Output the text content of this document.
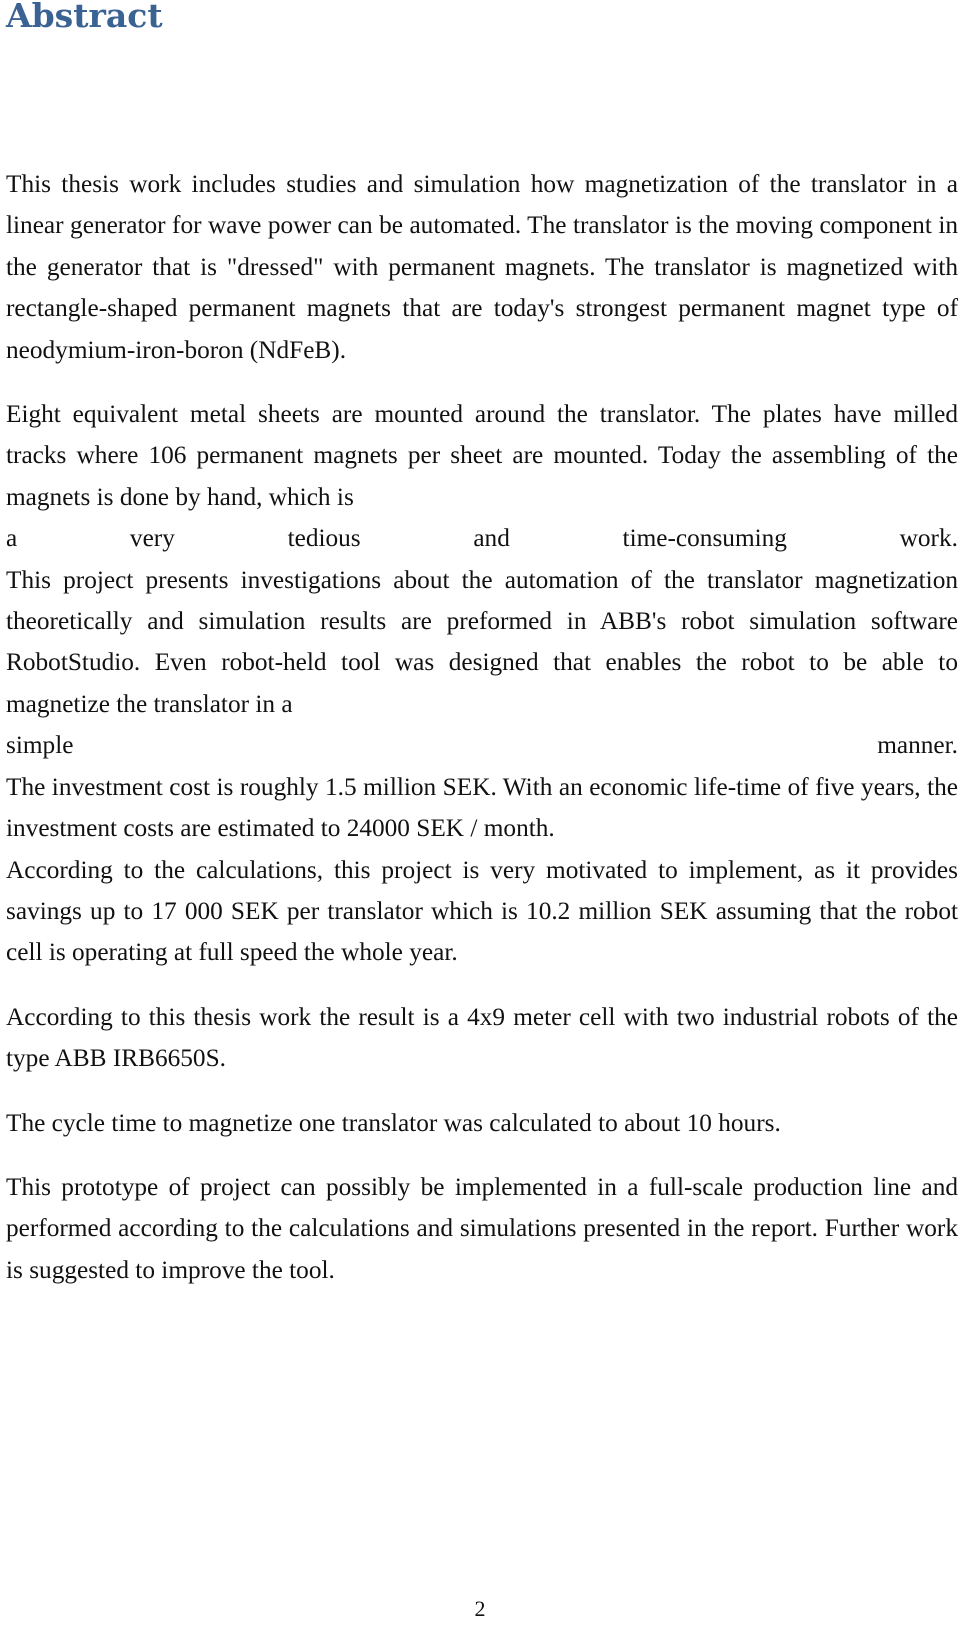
Abstract

This thesis work includes studies and simulation how magnetization of the translator in a linear generator for wave power can be automated. The translator is the moving component in the generator that is "dressed" with permanent magnets. The translator is magnetized with rectangle-shaped permanent magnets that are today's strongest permanent magnet type of neodymium-iron-boron (NdFeB).

Eight equivalent metal sheets are mounted around the translator. The plates have milled tracks where 106 permanent magnets per sheet are mounted. Today the assembling of the magnets is done by hand, which is

a	very	tedious	and	time-consuming	work.

This project presents investigations about the automation of the translator magnetization theoretically and simulation results are preformed in ABB's robot simulation software RobotStudio. Even robot-held tool was designed that enables the robot to be able to magnetize the translator in a

simple	manner.

The investment cost is roughly 1.5 million SEK. With an economic life-time of five years, the investment costs are estimated to 24000 SEK / month.

According to the calculations, this project is very motivated to implement, as it provides savings up to 17 000 SEK per translator which is 10.2 million SEK assuming that the robot cell is operating at full speed the whole year.

According to this thesis work the result is a 4x9 meter cell with two industrial robots of the type ABB IRB6650S.

The cycle time to magnetize one translator was calculated to about 10 hours.

This prototype of project can possibly be implemented in a full-scale production line and performed according to the calculations and simulations presented in the report. Further work is suggested to improve the tool.

2
